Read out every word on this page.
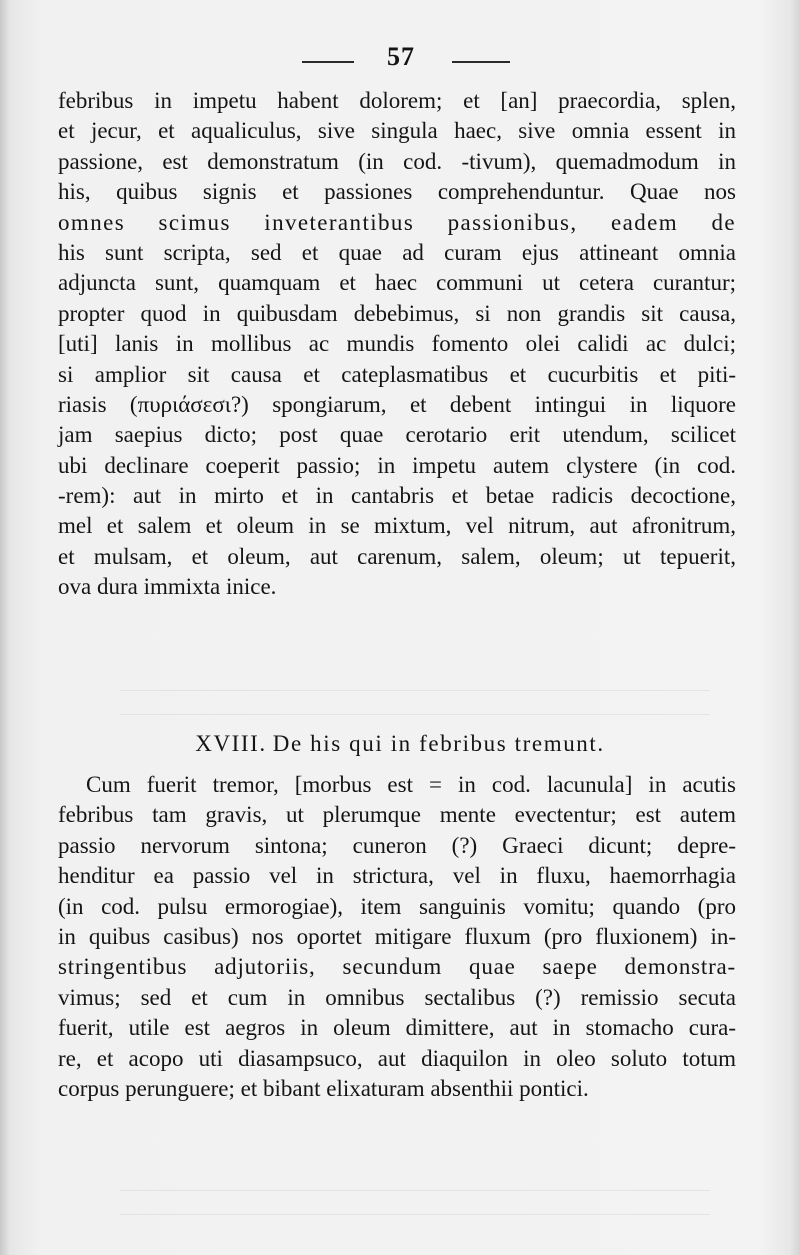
57
febribus in impetu habent dolorem; et [an] praecordia, splen,
et jecur, et aqualiculus, sive singula haec, sive omnia essent in
passione, est demonstratum (in cod. -tivum), quemadmodum in
his, quibus signis et passiones comprehenduntur. Quae nos
omnes scimus inveterantibus passionibus, eadem de
his sunt scripta, sed et quae ad curam ejus attineant omnia
adjuncta sunt, quamquam et haec communi ut cetera curantur;
propter quod in quibusdam debebimus, si non grandis sit causa,
[uti] lanis in mollibus ac mundis fomento olei calidi ac dulci;
si amplior sit causa et cateplasmatibus et cucurbitis et piti-
riasis (πυριάσεσι?) spongiarum, et debent intingui in liquore
jam saepius dicto; post quae cerotario erit utendum, scilicet
ubi declinare coeperit passio; in impetu autem clystere (in cod.
-rem): aut in mirto et in cantabris et betae radicis decoctione,
mel et salem et oleum in se mixtum, vel nitrum, aut afronitrum,
et mulsam, et oleum, aut carenum, salem, oleum; ut tepuerit,
ova dura immixta inice.
XVIII. De his qui in febribus tremunt.
Cum fuerit tremor, [morbus est = in cod. lacunula] in acutis
febribus tam gravis, ut plerumque mente evectentur; est autem
passio nervorum sintona; cuneron (?) Graeci dicunt; depre-
henditur ea passio vel in strictura, vel in fluxu, haemorrhagia
(in cod. pulsu ermorogiae), item sanguinis vomitu; quando (pro
in quibus casibus) nos oportet mitigare fluxum (pro fluxionem) in-
stringentibus adjutoriis, secundum quae saepe demonstra-
vimus; sed et cum in omnibus sectalibus (?) remissio secuta
fuerit, utile est aegros in oleum dimittere, aut in stomacho cura-
re, et acopo uti diasampsuco, aut diaquilon in oleo soluto totum
corpus perunguere; et bibant elixaturam absenthii pontici.
